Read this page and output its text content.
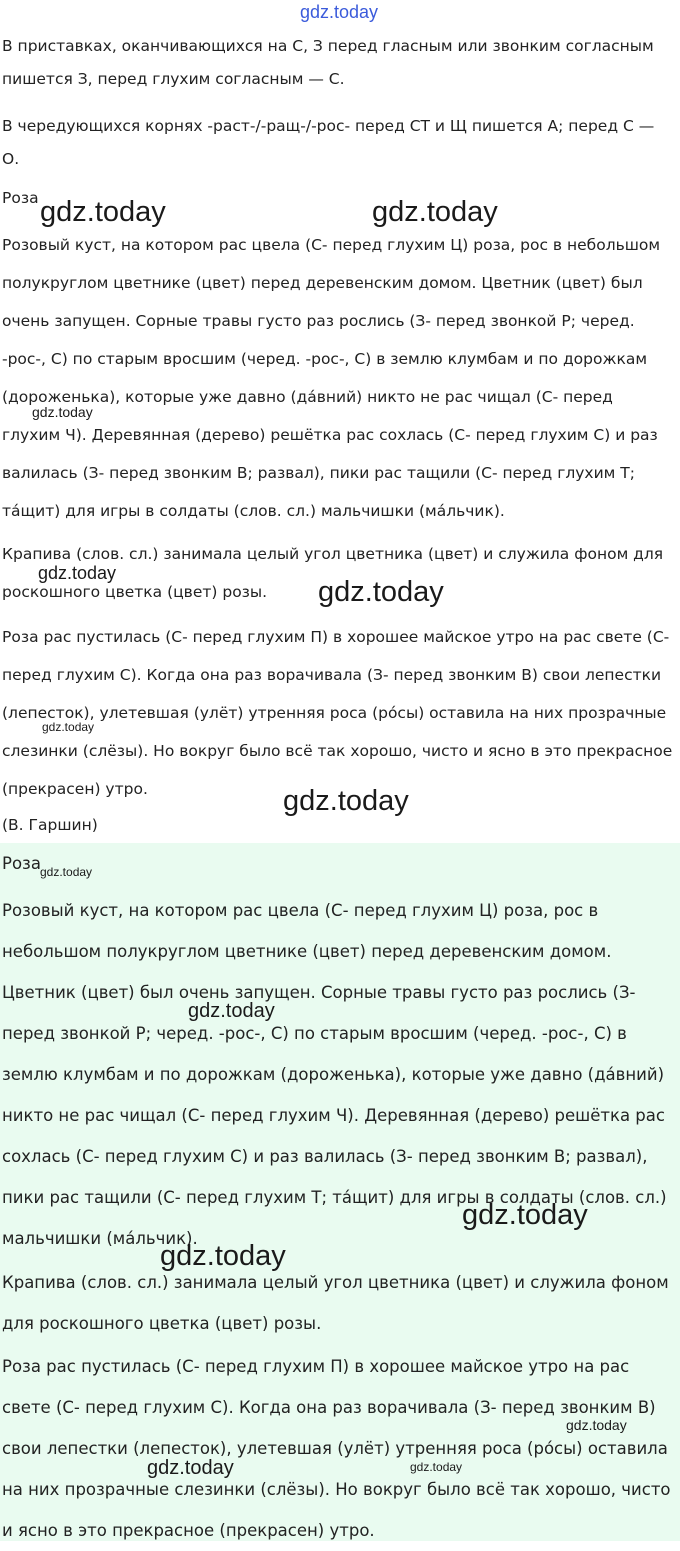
gdz.today

В приставках, оканчивающихся на С, З перед гласным или звонким согласным пишется З, перед глухим согласным — С.

В чередующихся корнях -раст-/-ращ-/-рос- перед СТ и Щ пишется А; перед С — О.

Роза

Розовый куст, на котором рас цвела (С- перед глухим Ц) роза, рос в небольшом полукруглом цветнике (цвет) перед деревенским домом. Цветник (цвет) был очень запущен. Сорные травы густо раз рослись (З- перед звонкой Р; черед. -рос-, С) по старым вросшим (черед. -рос-, С) в землю клумбам и по дорожкам (дороженька), которые уже давно (да́вний) никто не рас чищал (С- перед глухим Ч). Деревянная (дерево) решётка рас сохлась (С- перед глухим С) и раз валилась (З- перед звонким В; развал), пики рас тащили (С- перед глухим Т; та́щит) для игры в солдаты (слов. сл.) мальчишки (ма́льчик).

Крапива (слов. сл.) занимала целый угол цветника (цвет) и служила фоном для роскошного цветка (цвет) розы.

Роза рас пустилась (С- перед глухим П) в хорошее майское утро на рас свете (С- перед глухим С). Когда она раз ворачивала (З- перед звонким В) свои лепестки (лепесток), улетевшая (улёт) утренняя роса (ро́сы) оставила на них прозрачные слезинки (слёзы). Но вокруг было всё так хорошо, чисто и ясно в это прекрасное (прекрасен) утро.

(В. Гаршин)

Роза

Розовый куст, на котором рас цвела (С- перед глухим Ц) роза, рос в небольшом полукруглом цветнике (цвет) перед деревенским домом. Цветник (цвет) был очень запущен. Сорные травы густо раз рослись (З- перед звонкой Р; черед. -рос-, С) по старым вросшим (черед. -рос-, С) в землю клумбам и по дорожкам (дороженька), которые уже давно (да́вний) никто не рас чищал (С- перед глухим Ч). Деревянная (дерево) решётка рас сохлась (С- перед глухим С) и раз валилась (З- перед звонким В; развал), пики рас тащили (С- перед глухим Т; та́щит) для игры в солдаты (слов. сл.) мальчишки (ма́льчик).

Крапива (слов. сл.) занимала целый угол цветника (цвет) и служила фоном для роскошного цветка (цвет) розы.

Роза рас пустилась (С- перед глухим П) в хорошее майское утро на рас свете (С- перед глухим С). Когда она раз ворачивала (З- перед звонким В) свои лепестки (лепесток), улетевшая (улёт) утренняя роса (ро́сы) оставила на них прозрачные слезинки (слёзы). Но вокруг было всё так хорошо, чисто и ясно в это прекрасное (прекрасен) утро.

gdz.today	gdz.today
gdz.today
gdz.today
gdz.today
gdz.today
gdz.today
gdz.today
gdz.today
gdz.today
gdz.today
gdz.today
gdz.today	gdz.today
